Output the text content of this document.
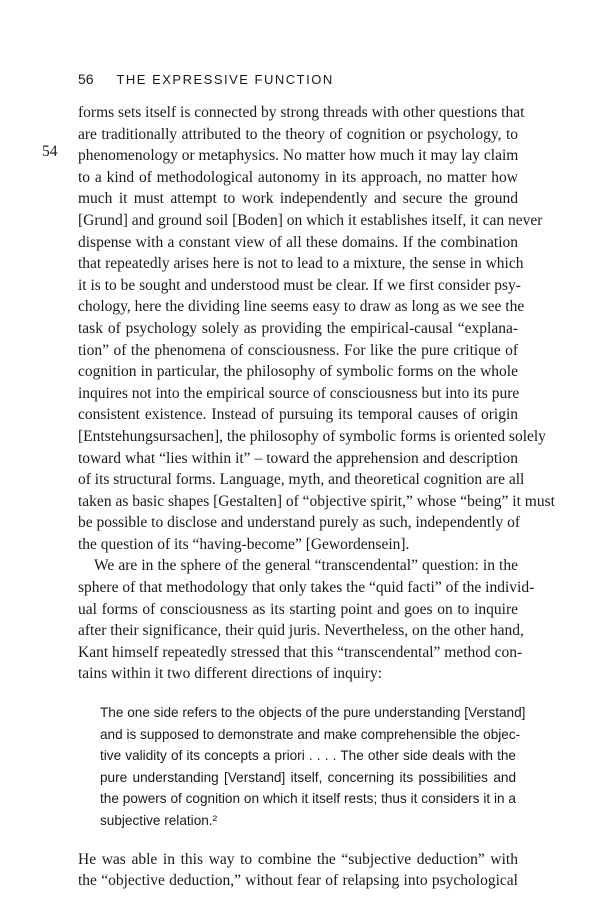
56 THE EXPRESSIVE FUNCTION
54
forms sets itself is connected by strong threads with other questions that
are traditionally attributed to the theory of cognition or psychology, to
phenomenology or metaphysics. No matter how much it may lay claim
to a kind of methodological autonomy in its approach, no matter how
much it must attempt to work independently and secure the ground
[Grund] and ground soil [Boden] on which it establishes itself, it can never
dispense with a constant view of all these domains. If the combination
that repeatedly arises here is not to lead to a mixture, the sense in which
it is to be sought and understood must be clear. If we first consider psy-
chology, here the dividing line seems easy to draw as long as we see the
task of psychology solely as providing the empirical-causal “explana-
tion” of the phenomena of consciousness. For like the pure critique of
cognition in particular, the philosophy of symbolic forms on the whole
inquires not into the empirical source of consciousness but into its pure
consistent existence. Instead of pursuing its temporal causes of origin
[Entstehungsursachen], the philosophy of symbolic forms is oriented solely
toward what “lies within it” – toward the apprehension and description
of its structural forms. Language, myth, and theoretical cognition are all
taken as basic shapes [Gestalten] of “objective spirit,” whose “being” it must
be possible to disclose and understand purely as such, independently of
the question of its “having-become” [Gewordensein].
We are in the sphere of the general “transcendental” question: in the
sphere of that methodology that only takes the “quid facti” of the individ-
ual forms of consciousness as its starting point and goes on to inquire
after their significance, their quid juris. Nevertheless, on the other hand,
Kant himself repeatedly stressed that this “transcendental” method con-
tains within it two different directions of inquiry:
The one side refers to the objects of the pure understanding [Verstand]
and is supposed to demonstrate and make comprehensible the objec-
tive validity of its concepts a priori . . . . The other side deals with the
pure understanding [Verstand] itself, concerning its possibilities and
the powers of cognition on which it itself rests; thus it considers it in a
subjective relation.²
He was able in this way to combine the “subjective deduction” with
the “objective deduction,” without fear of relapsing into psychological
